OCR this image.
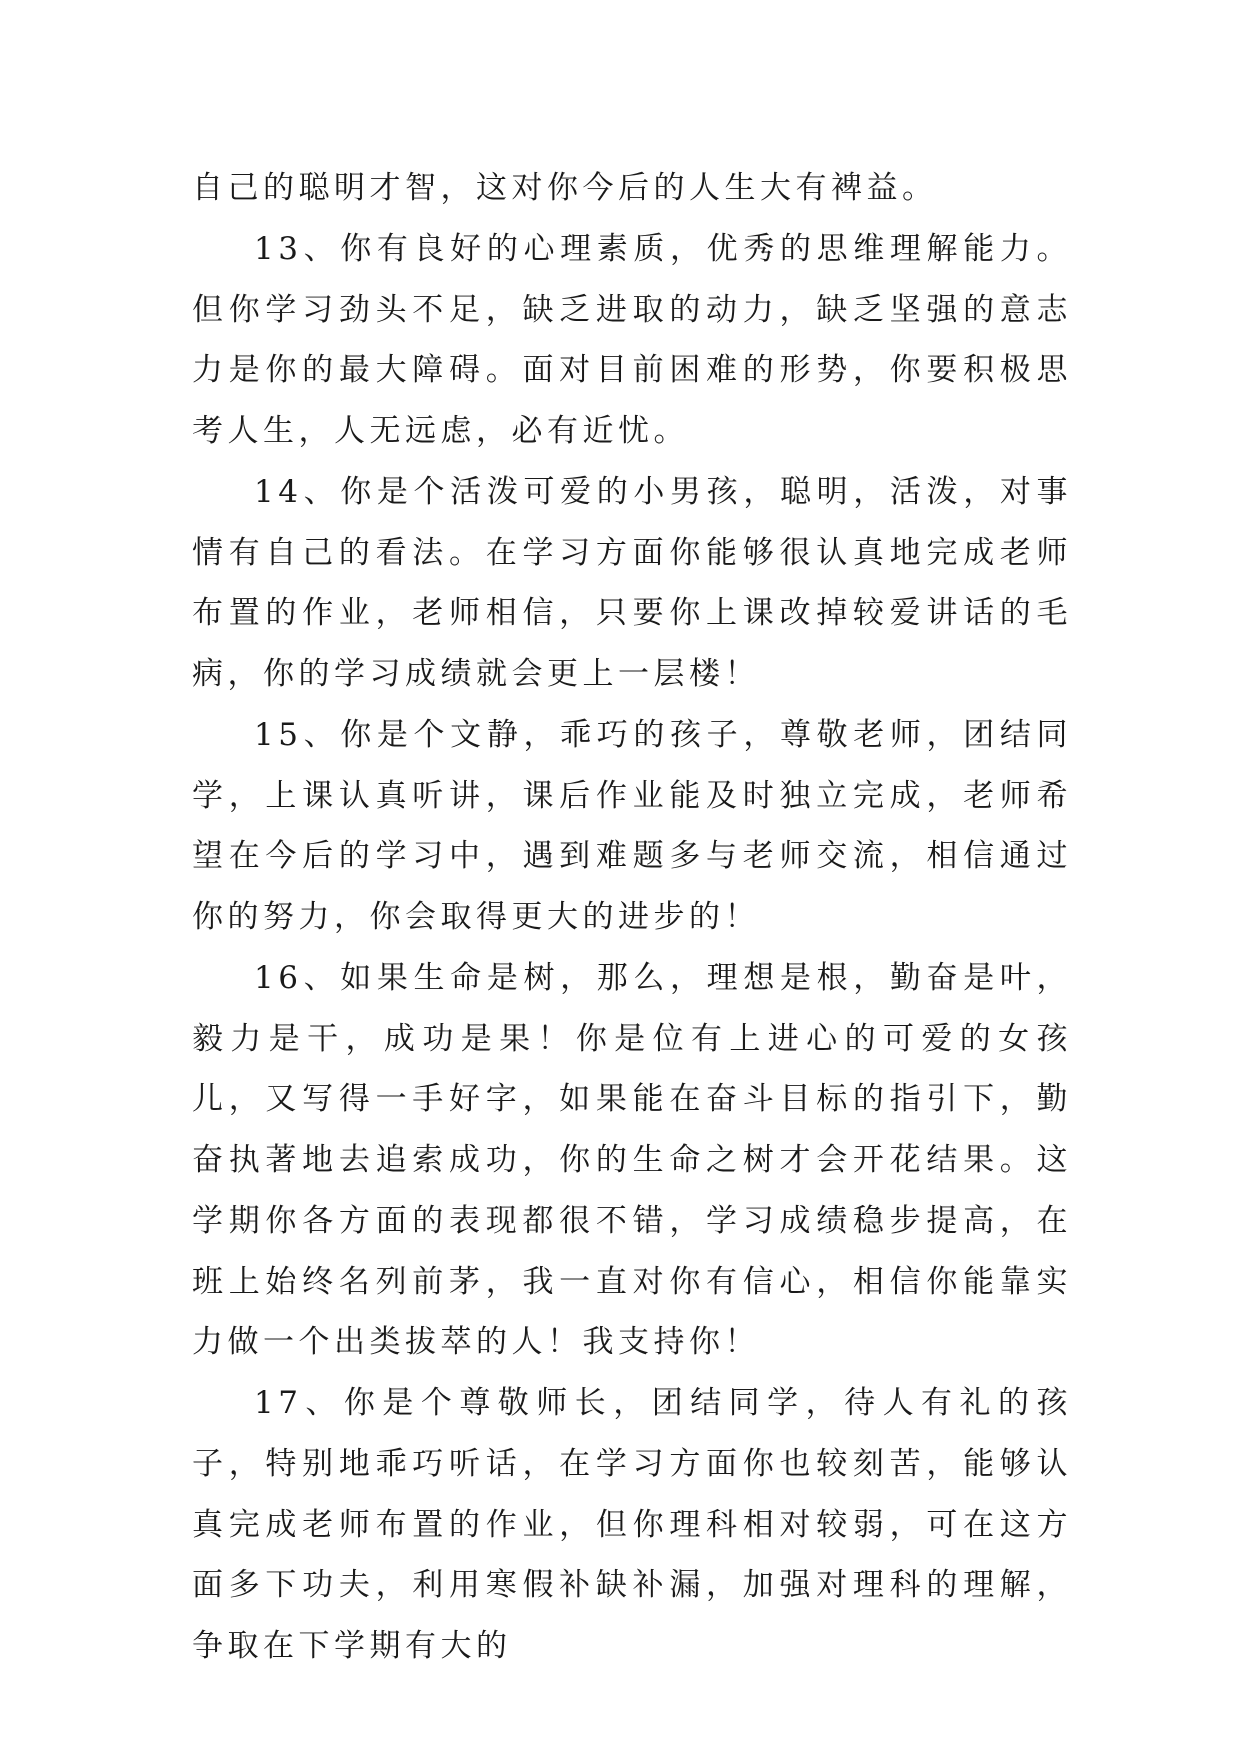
自己的聪明才智，这对你今后的人生大有裨益。

13、你有良好的心理素质，优秀的思维理解能力。但你学习劲头不足，缺乏进取的动力，缺乏坚强的意志力是你的最大障碍。面对目前困难的形势，你要积极思考人生，人无远虑，必有近忧。

14、你是个活泼可爱的小男孩，聪明，活泼，对事情有自己的看法。在学习方面你能够很认真地完成老师布置的作业，老师相信，只要你上课改掉较爱讲话的毛病，你的学习成绩就会更上一层楼！

15、你是个文静，乖巧的孩子，尊敬老师，团结同学，上课认真听讲，课后作业能及时独立完成，老师希望在今后的学习中，遇到难题多与老师交流，相信通过你的努力，你会取得更大的进步的！

16、如果生命是树，那么，理想是根，勤奋是叶，毅力是干，成功是果！你是位有上进心的可爱的女孩儿，又写得一手好字，如果能在奋斗目标的指引下，勤奋执著地去追索成功，你的生命之树才会开花结果。这学期你各方面的表现都很不错，学习成绩稳步提高，在班上始终名列前茅，我一直对你有信心，相信你能靠实力做一个出类拔萃的人！我支持你！

17、你是个尊敬师长，团结同学，待人有礼的孩子，特别地乖巧听话，在学习方面你也较刻苦，能够认真完成老师布置的作业，但你理科相对较弱，可在这方面多下功夫，利用寒假补缺补漏，加强对理科的理解，争取在下学期有大的
